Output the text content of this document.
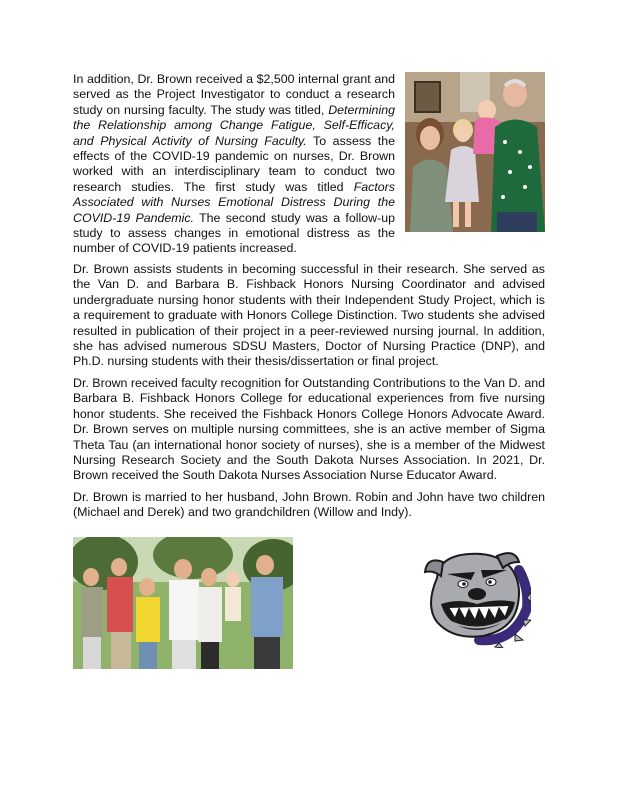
In addition, Dr. Brown received a $2,500 internal grant and served as the Project Investigator to conduct a research study on nursing faculty. The study was titled, Determining the Relationship among Change Fatigue, Self-Efficacy, and Physical Activity of Nursing Faculty. To assess the effects of the COVID-19 pandemic on nurses, Dr. Brown worked with an interdisciplinary team to conduct two research studies. The first study was titled Factors Associated with Nurses Emotional Distress During the COVID-19 Pandemic. The second study was a follow-up study to assess changes in emotional distress as the number of COVID-19 patients increased.

Dr. Brown assists students in becoming successful in their research. She served as the Van D. and Barbara B. Fishback Honors Nursing Coordinator and advised undergraduate nursing honor students with their Independent Study Project, which is a requirement to graduate with Honors College Distinction. Two students she advised resulted in publication of their project in a peer-reviewed nursing journal. In addition, she has advised numerous SDSU Masters, Doctor of Nursing Practice (DNP), and Ph.D. nursing students with their thesis/dissertation or final project.

Dr. Brown received faculty recognition for Outstanding Contributions to the Van D. and Barbara B. Fishback Honors College for educational experiences from five nursing honor students. She received the Fishback Honors College Honors Advocate Award. Dr. Brown serves on multiple nursing committees, she is an active member of Sigma Theta Tau (an international honor society of nurses), she is a member of the Midwest Nursing Research Society and the South Dakota Nurses Association. In 2021, Dr. Brown received the South Dakota Nurses Association Nurse Educator Award.

Dr. Brown is married to her husband, John Brown. Robin and John have two children (Michael and Derek) and two grandchildren (Willow and Indy).
